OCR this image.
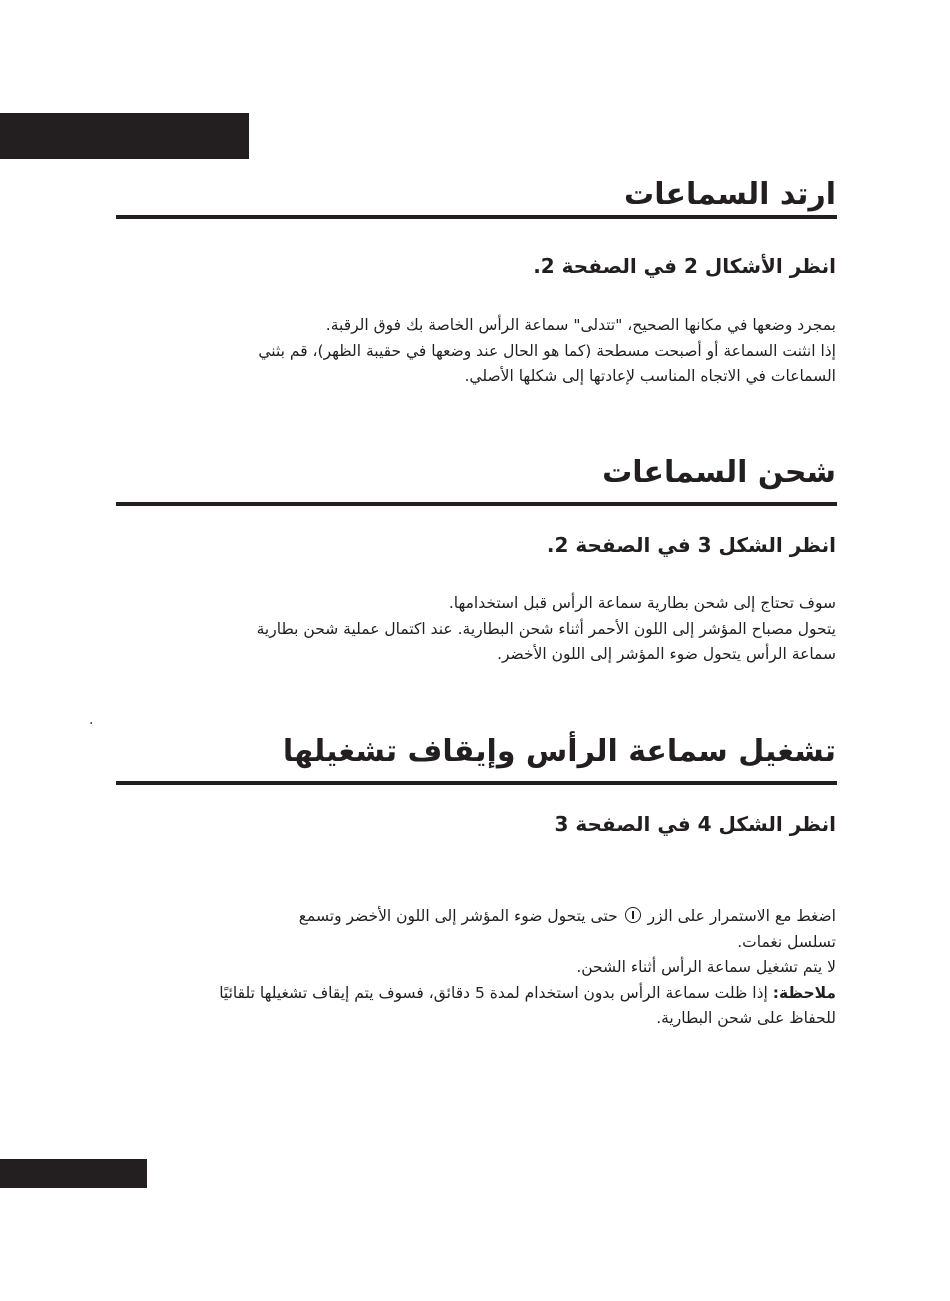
ارتد السماعات
انظر الأشكال 2 في الصفحة 2.

بمجرد وضعها في مكانها الصحيح، "تتدلى" سماعة الرأس الخاصة بك فوق الرقبة.
إذا انثنت السماعة أو أصبحت مسطحة (كما هو الحال عند وضعها في حقيبة الظهر)، قم بثني
السماعات في الاتجاه المناسب لإعادتها إلى شكلها الأصلي.

شحن السماعات
انظر الشكل 3 في الصفحة 2.

سوف تحتاج إلى شحن بطارية سماعة الرأس قبل استخدامها.
يتحول مصباح المؤشر إلى اللون الأحمر أثناء شحن البطارية. عند اكتمال عملية شحن بطارية
سماعة الرأس يتحول ضوء المؤشر إلى اللون الأخضر.

.
تشغيل سماعة الرأس وإيقاف تشغيلها
انظر الشكل 4 في الصفحة 3

اضغط مع الاستمرار على الزر  حتى يتحول ضوء المؤشر إلى اللون الأخضر وتسمع
تسلسل نغمات.
لا يتم تشغيل سماعة الرأس أثناء الشحن.
ملاحظة: إذا ظلت سماعة الرأس بدون استخدام لمدة 5 دقائق، فسوف يتم إيقاف تشغيلها تلقائيًا
للحفاظ على شحن البطارية.
